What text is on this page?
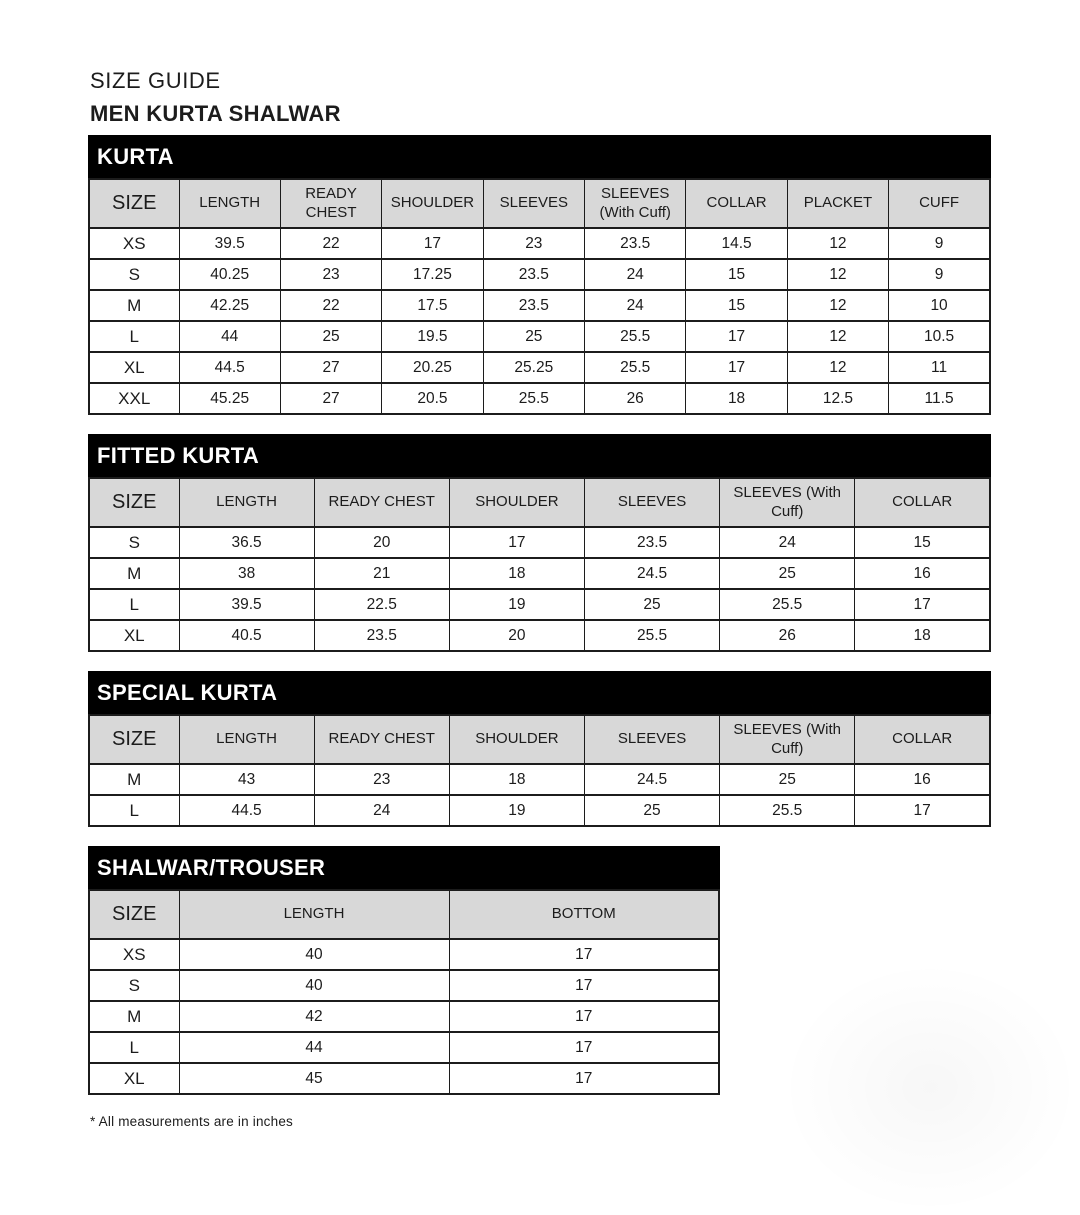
SIZE GUIDE
MEN KURTA SHALWAR
KURTA
SIZE	LENGTH	READY CHEST	SHOULDER	SLEEVES	SLEEVES (With Cuff)	COLLAR	PLACKET	CUFF
XS	39.5	22	17	23	23.5	14.5	12	9
S	40.25	23	17.25	23.5	24	15	12	9
M	42.25	22	17.5	23.5	24	15	12	10
L	44	25	19.5	25	25.5	17	12	10.5
XL	44.5	27	20.25	25.25	25.5	17	12	11
XXL	45.25	27	20.5	25.5	26	18	12.5	11.5
FITTED KURTA
SIZE	LENGTH	READY CHEST	SHOULDER	SLEEVES	SLEEVES (With Cuff)	COLLAR
S	36.5	20	17	23.5	24	15
M	38	21	18	24.5	25	16
L	39.5	22.5	19	25	25.5	17
XL	40.5	23.5	20	25.5	26	18
SPECIAL KURTA
SIZE	LENGTH	READY CHEST	SHOULDER	SLEEVES	SLEEVES (With Cuff)	COLLAR
M	43	23	18	24.5	25	16
L	44.5	24	19	25	25.5	17
SHALWAR/TROUSER
SIZE	LENGTH	BOTTOM
XS	40	17
S	40	17
M	42	17
L	44	17
XL	45	17

* All measurements are in inches
